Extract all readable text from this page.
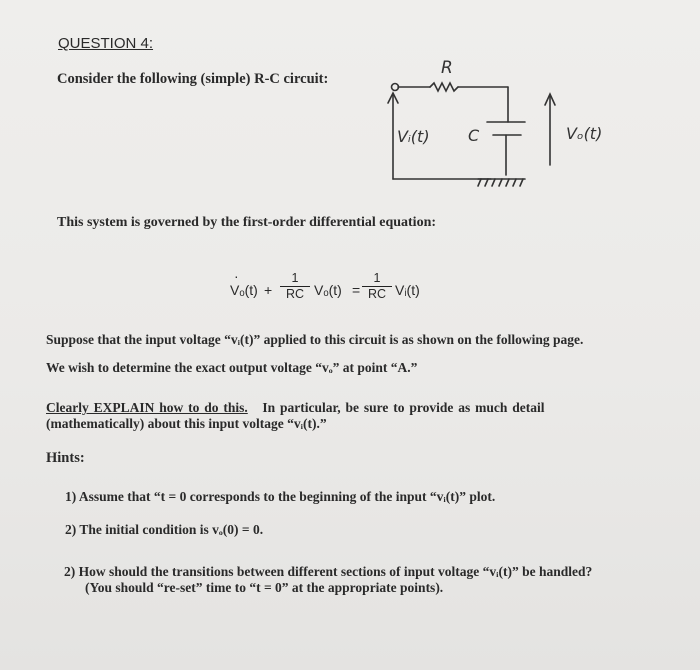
QUESTION 4:
Consider the following (simple) R-C circuit:
R
Vᵢ(t) C	Vₒ(t)
This system is governed by the first-order differential equation:
Vₒ(t)
·
+
1
RC Vₒ(t) =
1
RC Vᵢ(t)
Suppose that the input voltage “vᵢ(t)” applied to this circuit is as shown on the following page.
We wish to determine the exact output voltage “vₒ” at point “A.”
Clearly EXPLAIN how to do this. In particular, be sure to provide as much detail
(mathematically) about this input voltage “vᵢ(t).”
Hints:
1) Assume that “t = 0 corresponds to the beginning of the input “vᵢ(t)” plot.
2) The initial condition is vₒ(0) = 0.
2) How should the transitions between different sections of input voltage “vᵢ(t)” be handled?
(You should “re-set” time to “t = 0” at the appropriate points).
